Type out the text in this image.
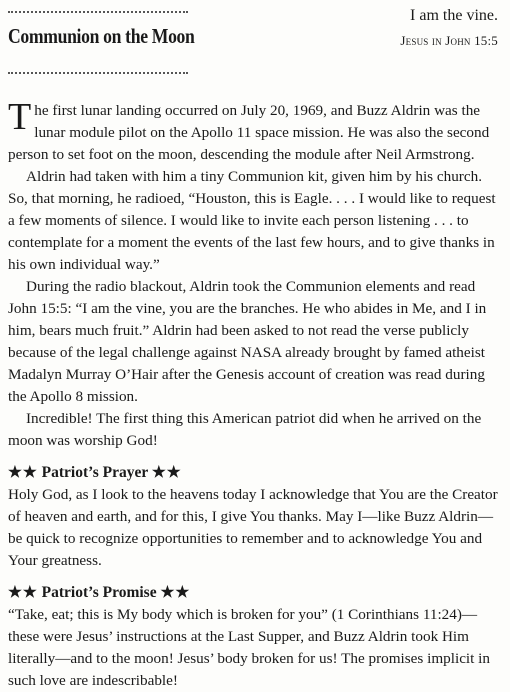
Communion on the Moon
I am the vine.
Jesus in John 15:5

The first lunar landing occurred on July 20, 1969, and Buzz Aldrin was the lunar module pilot on the Apollo 11 space mission. He was also the second person to set foot on the moon, descending the module after Neil Armstrong.

Aldrin had taken with him a tiny Communion kit, given him by his church. So, that morning, he radioed, “Houston, this is Eagle. . . . I would like to request a few moments of silence. I would like to invite each person listening . . . to contemplate for a moment the events of the last few hours, and to give thanks in his own individual way.”

During the radio blackout, Aldrin took the Communion elements and read John 15:5: “I am the vine, you are the branches. He who abides in Me, and I in him, bears much fruit.” Aldrin had been asked to not read the verse publicly because of the legal challenge against NASA already brought by famed atheist Madalyn Murray O’Hair after the Genesis account of creation was read during the Apollo 8 mission.

Incredible! The first thing this American patriot did when he arrived on the moon was worship God!

★★ Patriot’s Prayer ★★

Holy God, as I look to the heavens today I acknowledge that You are the Creator of heaven and earth, and for this, I give You thanks. May I—like Buzz Aldrin—be quick to recognize opportunities to remember and to acknowledge You and Your greatness.

★★ Patriot’s Promise ★★

“Take, eat; this is My body which is broken for you” (1 Corinthians 11:24)—these were Jesus’ instructions at the Last Supper, and Buzz Aldrin took Him literally—and to the moon! Jesus’ body broken for us! The promises implicit in such love are indescribable!
